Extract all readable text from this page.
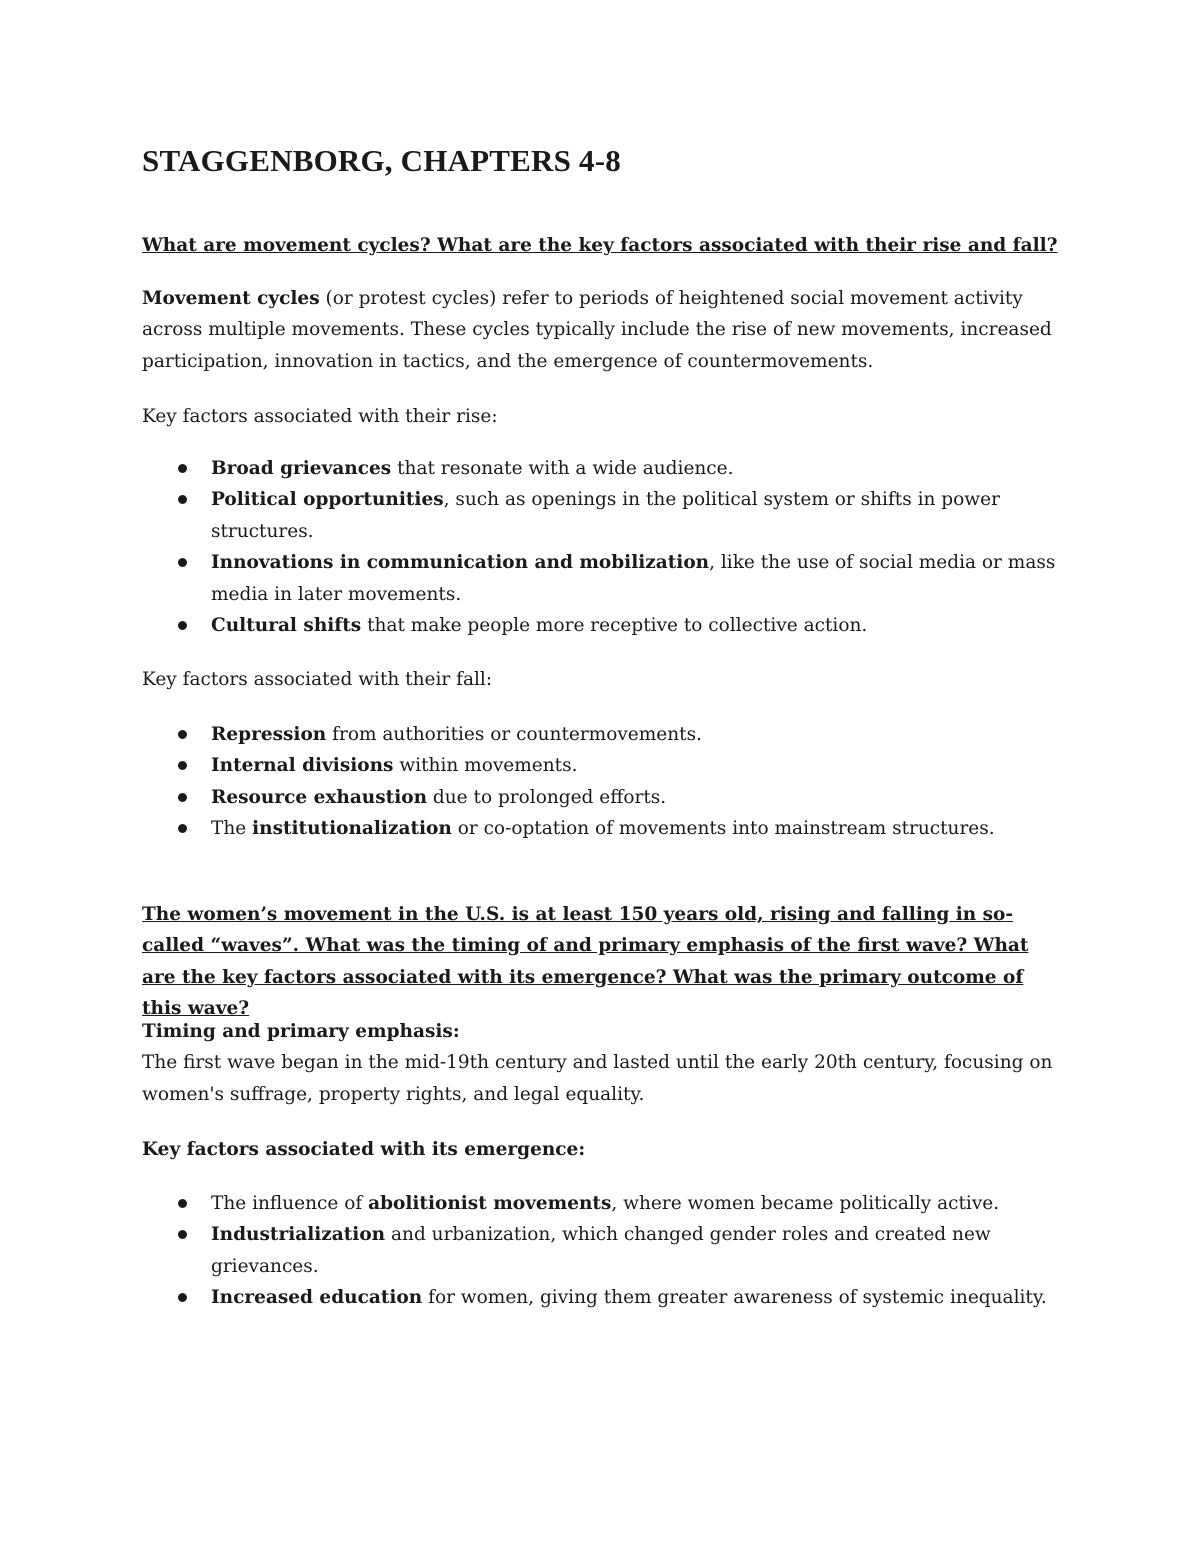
STAGGENBORG, CHAPTERS 4-8

What are movement cycles? What are the key factors associated with their rise and fall?

Movement cycles (or protest cycles) refer to periods of heightened social movement activity across multiple movements. These cycles typically include the rise of new movements, increased participation, innovation in tactics, and the emergence of countermovements.

Key factors associated with their rise:

Broad grievances that resonate with a wide audience.
Political opportunities, such as openings in the political system or shifts in power structures.
Innovations in communication and mobilization, like the use of social media or mass media in later movements.
Cultural shifts that make people more receptive to collective action.

Key factors associated with their fall:

Repression from authorities or countermovements.
Internal divisions within movements.
Resource exhaustion due to prolonged efforts.
The institutionalization or co-optation of movements into mainstream structures.

The women’s movement in the U.S. is at least 150 years old, rising and falling in so-called “waves”. What was the timing of and primary emphasis of the first wave? What are the key factors associated with its emergence? What was the primary outcome of this wave?

Timing and primary emphasis:

The first wave began in the mid-19th century and lasted until the early 20th century, focusing on women's suffrage, property rights, and legal equality.

Key factors associated with its emergence:

The influence of abolitionist movements, where women became politically active.
Industrialization and urbanization, which changed gender roles and created new grievances.
Increased education for women, giving them greater awareness of systemic inequality.
